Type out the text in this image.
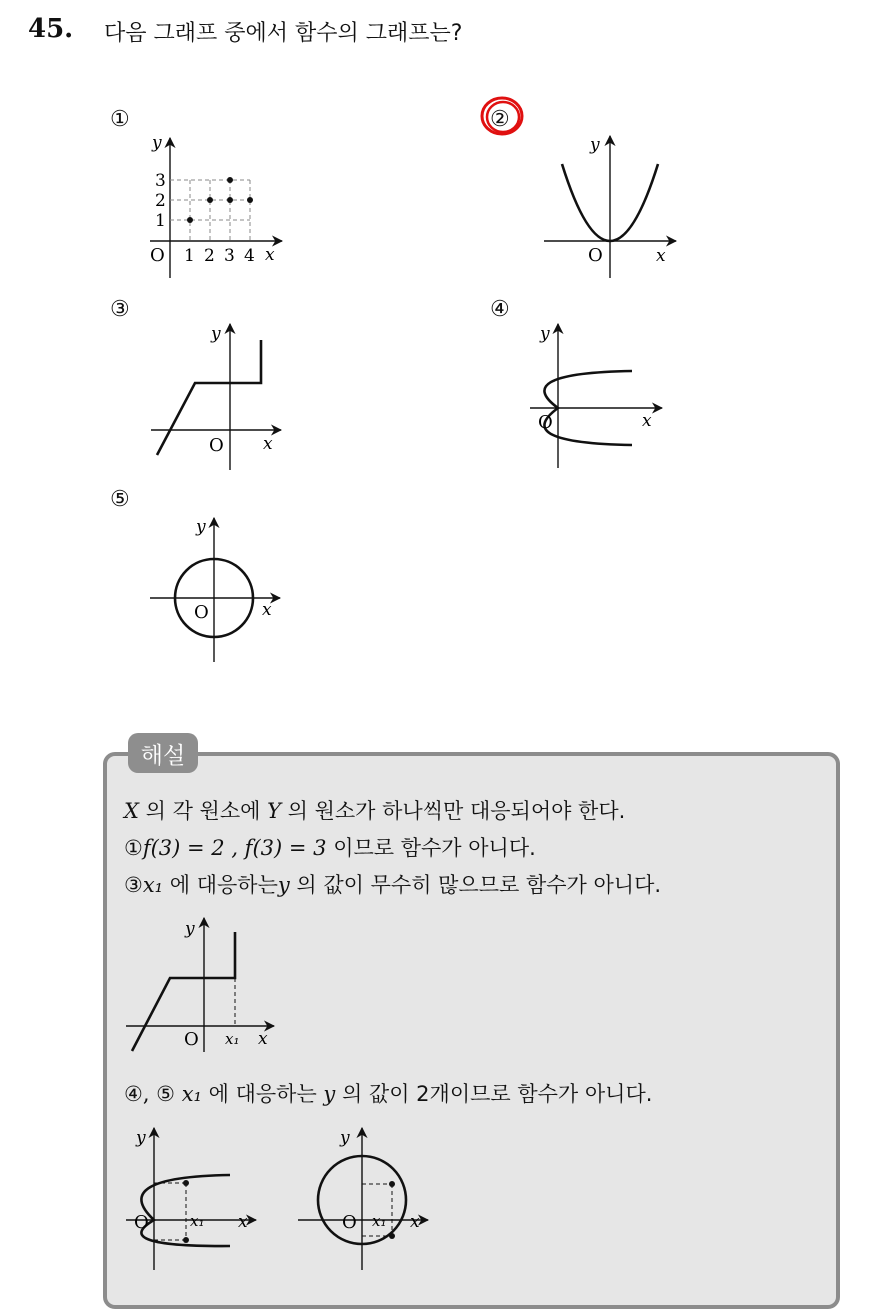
45. 다음 그래프 중에서 함수의 그래프는?
①	②
③	④
⑤
y
x
O 1 2 3 4
1
2
3
y
x
O
y
x
O
y
x
O
y
x
O
해설
X 의 각 원소에 Y 의 원소가 하나씩만 대응되어야 한다.
①f(3) = 2 , f(3) = 3 이므로 함수가 아니다.
③x₁ 에 대응하는y 의 값이 무수히 많으므로 함수가 아니다.
y
x
O x₁
④, ⑤ x₁ 에 대응하는 y 의 값이 2개이므로 함수가 아니다.
y
x
O	x₁
y
x
O x₁
